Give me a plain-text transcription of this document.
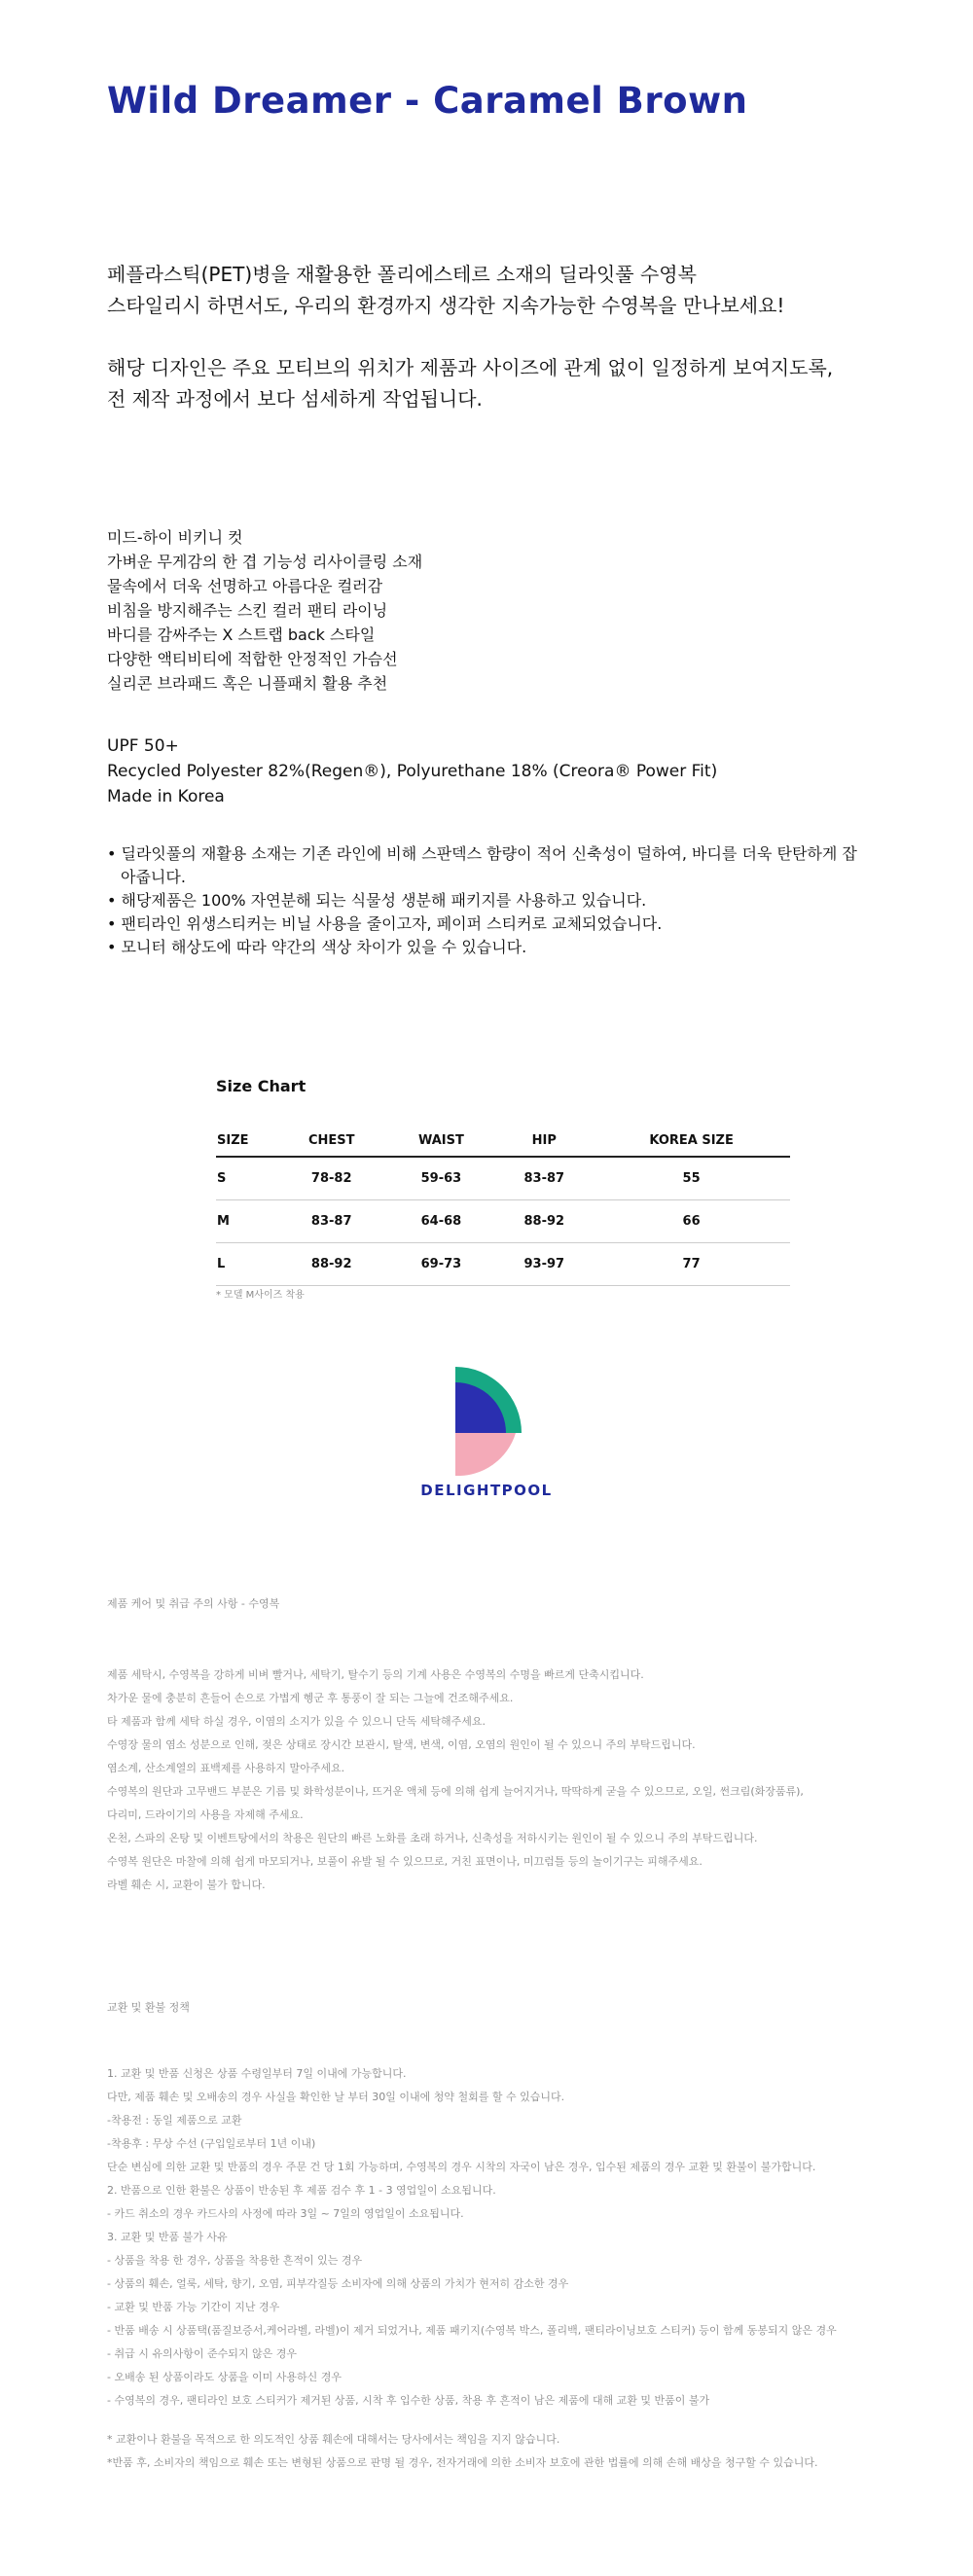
Wild Dreamer - Caramel Brown

페플라스틱(PET)병을 재활용한 폴리에스테르 소재의 딜라잇풀 수영복

스타일리시 하면서도, 우리의 환경까지 생각한 지속가능한 수영복을 만나보세요!

해당 디자인은 주요 모티브의 위치가 제품과 사이즈에 관계 없이 일정하게 보여지도록,

전 제작 과정에서 보다 섬세하게 작업됩니다.

미드-하이 비키니 컷
가벼운 무게감의 한 겹 기능성 리사이클링 소재
물속에서 더욱 선명하고 아름다운 컬러감
비침을 방지해주는 스킨 컬러 팬티 라이닝
바디를 감싸주는 X 스트랩 back 스타일
다양한 액티비티에 적합한 안정적인 가슴선
실리콘 브라패드 혹은 니플패치 활용 추천
UPF 50+
Recycled Polyester 82%(Regen®), Polyurethane 18% (Creora® Power Fit)
Made in Korea
• 딜라잇풀의 재활용 소재는 기존 라인에 비해 스판덱스 함량이 적어 신축성이 덜하여, 바디를 더욱 탄탄하게 잡아줍니다.
• 해당제품은 100% 자연분해 되는 식물성 생분해 패키지를 사용하고 있습니다.
• 팬티라인 위생스티커는 비닐 사용을 줄이고자, 페이퍼 스티커로 교체되었습니다.
• 모니터 해상도에 따라 약간의 색상 차이가 있을 수 있습니다.
Size Chart
SIZE	CHEST	WAIST	HIP	KOREA SIZE
S	78-82	59-63	83-87	55
M	83-87	64-68	88-92	66
L	88-92	69-73	93-97	77
* 모델 M사이즈 착용
DELIGHTPOOL
제품 케어 및 취급 주의 사항 - 수영복
제품 세탁시, 수영복을 강하게 비벼 빨거나, 세탁기, 탈수기 등의 기계 사용은 수영복의 수명을 빠르게 단축시킵니다.
차가운 물에 충분히 흔들어 손으로 가볍게 헹군 후 통풍이 잘 되는 그늘에 건조해주세요.
타 제품과 함께 세탁 하실 경우, 이염의 소지가 있을 수 있으니 단독 세탁해주세요.
수영장 물의 염소 성분으로 인해, 젖은 상태로 장시간 보관시, 탈색, 변색, 이염, 오염의 원인이 될 수 있으니 주의 부탁드립니다.
염소계, 산소계열의 표백제를 사용하지 말아주세요.
수영복의 원단과 고무밴드 부분은 기름 및 화학성분이나, 뜨거운 액체 등에 의해 쉽게 늘어지거나, 딱딱하게 굳을 수 있으므로, 오일, 썬크림(화장품류),
다리미, 드라이기의 사용을 자제해 주세요.
온천, 스파의 온탕 및 이벤트탕에서의 착용은 원단의 빠른 노화를 초래 하거나, 신축성을 저하시키는 원인이 될 수 있으니 주의 부탁드립니다.
수영복 원단은 마찰에 의해 쉽게 마모되거나, 보풀이 유발 될 수 있으므로, 거친 표면이나, 미끄럼틀 등의 놀이기구는 피해주세요.
라벨 훼손 시, 교환이 불가 합니다.
교환 및 환불 정책
1. 교환 및 반품 신청은 상품 수령일부터 7일 이내에 가능합니다.
다만, 제품 훼손 및 오배송의 경우 사실을 확인한 날 부터 30일 이내에 청약 철회를 할 수 있습니다.
-착용전 : 동일 제품으로 교환
-착용후 : 무상 수선 (구입일로부터 1년 이내)
단순 변심에 의한 교환 및 반품의 경우 주문 건 당 1회 가능하며, 수영복의 경우 시착의 자국이 남은 경우, 입수된 제품의 경우 교환 및 환불이 불가합니다.
2. 반품으로 인한 환불은 상품이 반송된 후 제품 검수 후 1 - 3 영업일이 소요됩니다.
- 카드 취소의 경우 카드사의 사정에 따라 3일 ~ 7일의 영업일이 소요됩니다.
3. 교환 및 반품 불가 사유
- 상품을 착용 한 경우, 상품을 착용한 흔적이 있는 경우
- 상품의 훼손, 얼룩, 세탁, 향기, 오염, 피부각질등 소비자에 의해 상품의 가치가 현저히 감소한 경우
- 교환 및 반품 가능 기간이 지난 경우
- 반품 배송 시 상품택(품질보증서,케어라벨, 라벨)이 제거 되었거나, 제품 패키지(수영복 박스, 폴리백, 팬티라이닝보호 스티커) 등이 함께 동봉되지 않은 경우
- 취급 시 유의사항이 준수되지 않은 경우
- 오배송 된 상품이라도 상품을 이미 사용하신 경우
- 수영복의 경우, 팬티라인 보호 스티커가 제거된 상품, 시착 후 입수한 상품, 착용 후 흔적이 남은 제품에 대해 교환 및 반품이 불가
* 교환이나 환불을 목적으로 한 의도적인 상품 훼손에 대해서는 당사에서는 책임을 지지 않습니다.
*반품 후, 소비자의 책임으로 훼손 또는 변형된 상품으로 판명 될 경우, 전자거래에 의한 소비자 보호에 관한 법률에 의해 손해 배상을 청구할 수 있습니다.
